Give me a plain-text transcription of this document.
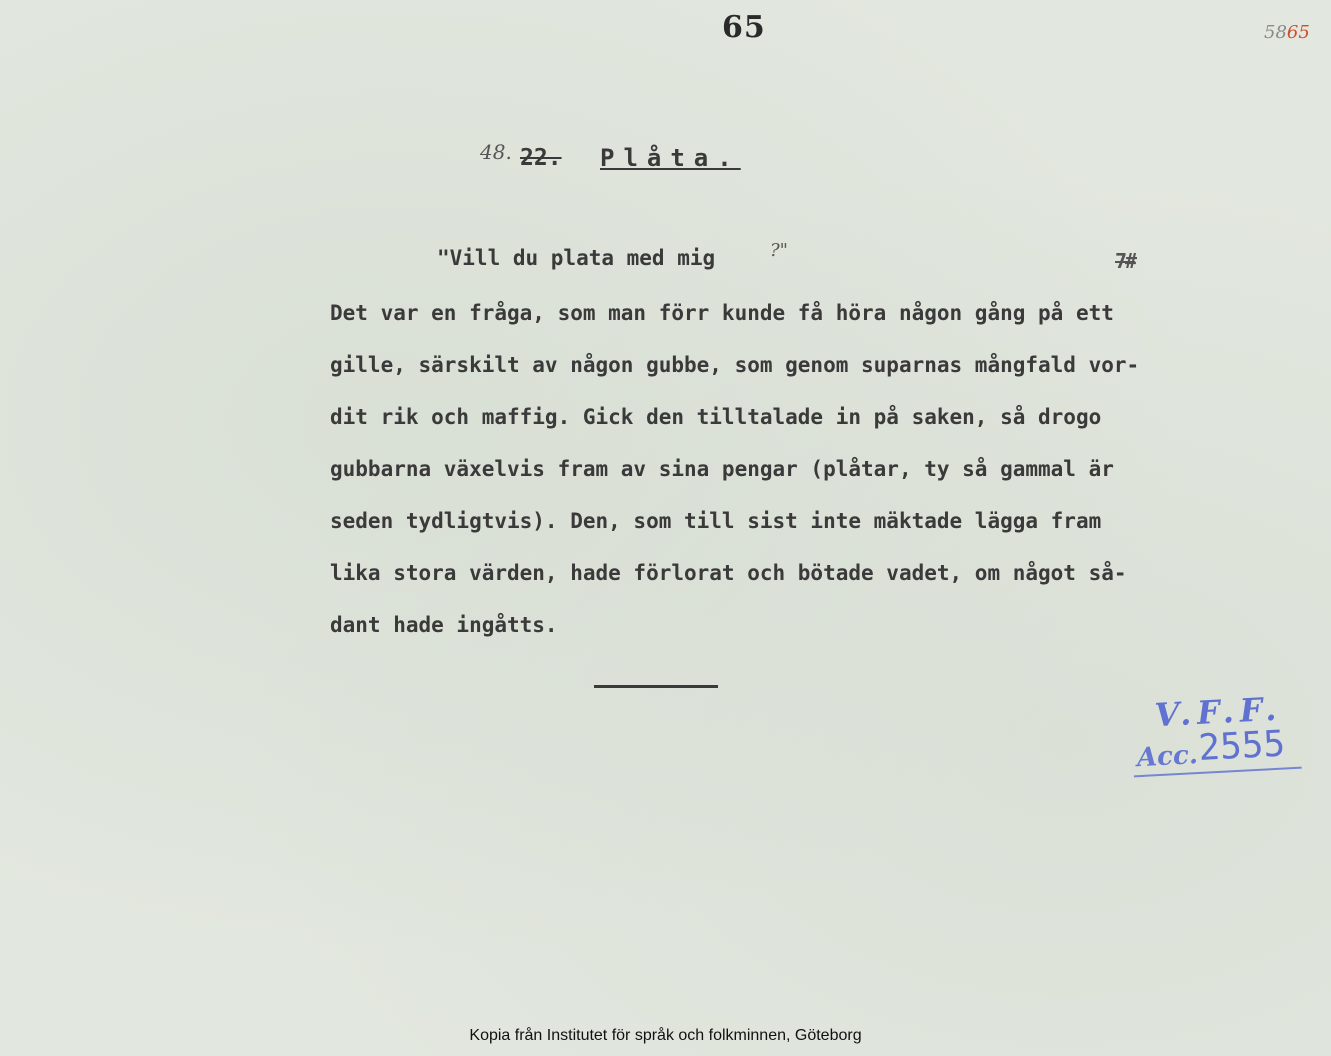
65	5865
48. 22. Plåta.
"Vill du plata med mig	?"	7#
Det var en fråga, som man förr kunde få höra någon gång på ett
gille, särskilt av någon gubbe, som genom suparnas mångfald vor-
dit rik och maffig. Gick den tilltalade in på saken, så drogo
gubbarna växelvis fram av sina pengar (plåtar, ty så gammal är
seden tydligtvis). Den, som till sist inte mäktade lägga fram
lika stora värden, hade förlorat och bötade vadet, om något så-
dant hade ingåtts.
V.F.F.
Acc.
2555
Kopia från Institutet för språk och folkminnen, Göteborg
